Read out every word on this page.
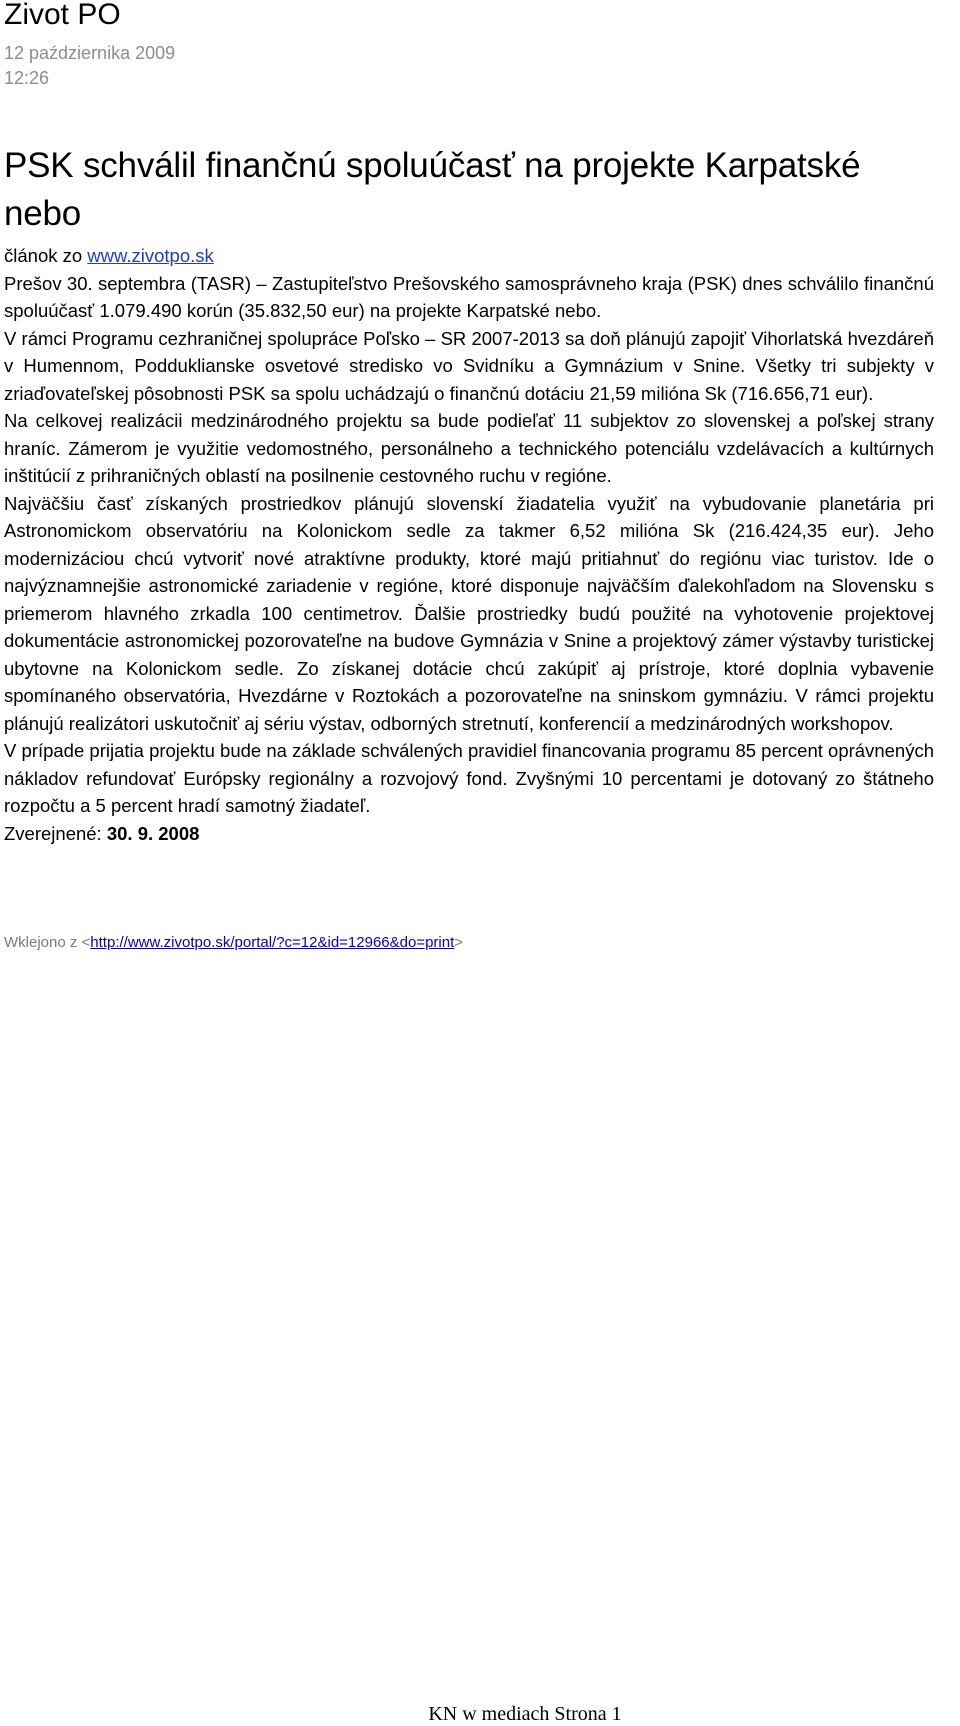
Zivot PO
12 października 2009
12:26
PSK schválil finančnú spoluúčasť na projekte Karpatské nebo

článok zo www.zivotpo.sk

Prešov 30. septembra (TASR) – Zastupiteľstvo Prešovského samosprávneho kraja (PSK) dnes schválilo finančnú spoluúčasť 1.079.490 korún (35.832,50 eur) na projekte Karpatské nebo.

V rámci Programu cezhraničnej spolupráce Poľsko – SR 2007-2013 sa doň plánujú zapojiť Vihorlatská hvezdáreň v Humennom, Poddukliansk​e osvetové stredisko vo Svidníku a Gymnázium v Snine. Všetky tri subjekty v zriaďovateľskej pôsobnosti PSK sa spolu uchádzajú o finančnú dotáciu 21,59 milióna Sk (716.656,71 eur).

Na celkovej realizácii medzinárodného projektu sa bude podieľať 11 subjektov zo slovenskej a poľskej strany hraníc. Zámerom je využitie vedomostného, personálneho a technického potenciálu vzdelávacích a kultúrnych inštitúcií z prihraničných oblastí na posilnenie cestovného ruchu v regióne.

Najväčšiu časť získaných prostriedkov plánujú slovenskí žiadatelia využiť na vybudovanie planetária pri Astronomickom observatóriu na Kolonickom sedle za takmer 6,52 milióna Sk (216.424,35 eur). Jeho modernizáciou chcú vytvoriť nové atraktívne produkty, ktoré majú pritiahnuť do regiónu viac turistov. Ide o najvýznamnejšie astronomické zariadenie v regióne, ktoré disponuje najväčším ďalekohľadom na Slovensku s priemerom hlavného zrkadla 100 centimetrov. Ďalšie prostriedky budú použité na vyhotovenie projektovej dokumentácie astronomickej pozorovateľne na budove Gymnázia v Snine a projektový zámer výstavby turistickej ubytovne na Kolonickom sedle. Zo získanej dotácie chcú zakúpiť aj prístroje, ktoré doplnia vybavenie spomínaného observatória, Hvezdárne v Roztokách a pozorovateľne na sninskom gymnáziu. V rámci projektu plánujú realizátori uskutočniť aj sériu výstav, odborných stretnutí, konferencií a medzinárodných workshopov.

V prípade prijatia projektu bude na základe schválených pravidiel financovania programu 85 percent oprávnených nákladov refundovať Európsky regionálny a rozvojový fond. Zvyšnými 10 percentami je dotovaný zo štátneho rozpočtu a 5 percent hradí samotný žiadateľ.

Zverejnené: 30. 9. 2008

Wklejono z <http://www.zivotpo.sk/portal/?c=12&id=12966&do=print>
KN w mediach Strona 1
